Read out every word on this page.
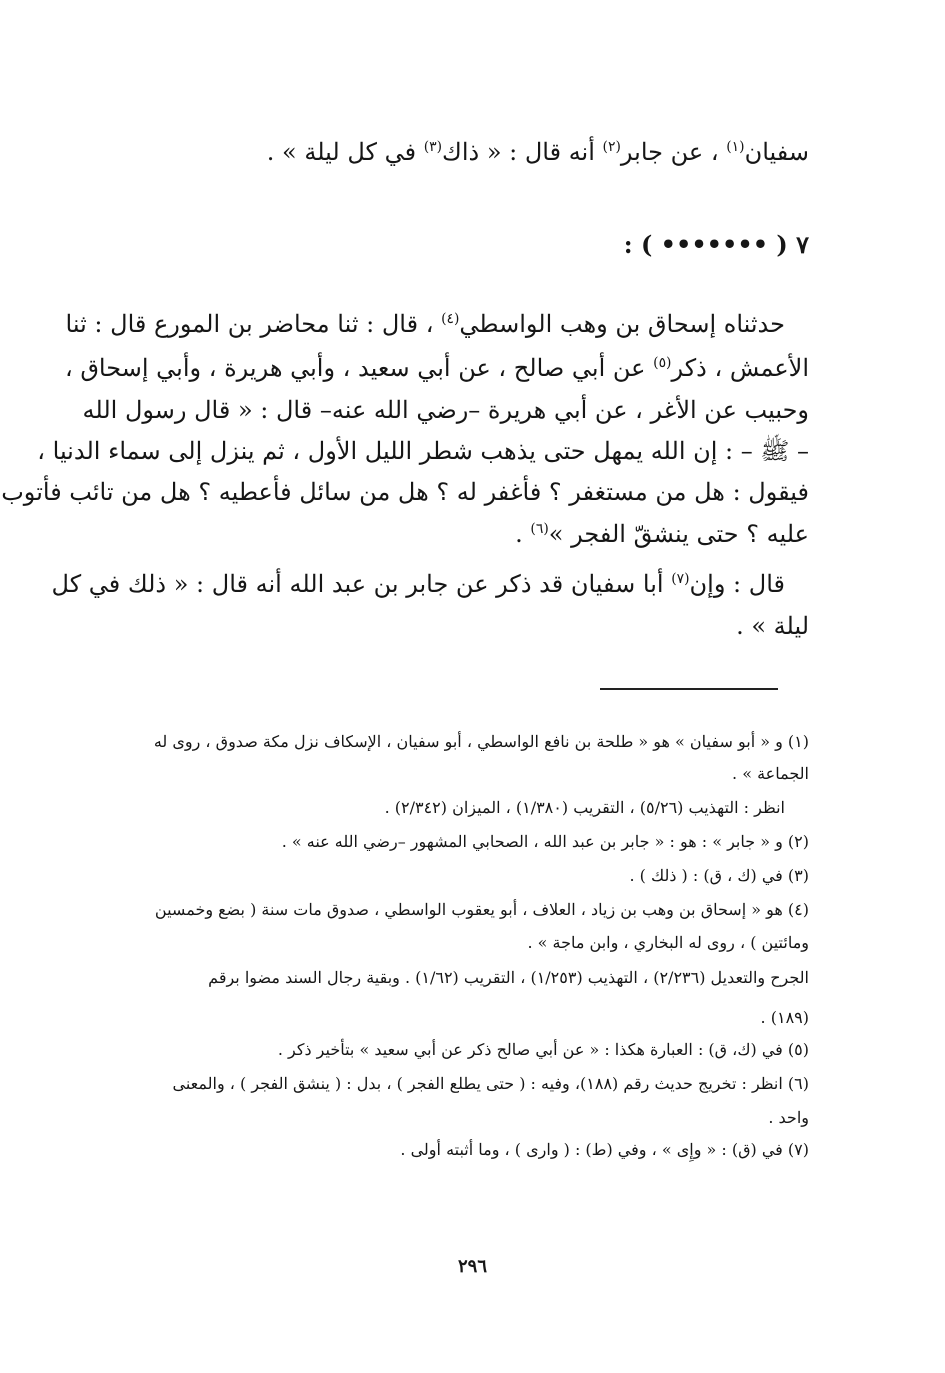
سفيان$^{(١)}$ ، عن جابر$^{(٢)}$ أنه قال : « ذاك$^{(٣)}$ في كل ليلة » .
٧ ( ••••••• ) :
حدثناه إسحاق بن وهب الواسطي$^{(٤)}$ ، قال : ثنا محاضر بن المورع قال : ثنا
الأعمش ، ذكر$^{(٥)}$ عن أبي صالح ، عن أبي سعيد ، وأبي هريرة ، وأبي إسحاق ،
وحبيب عن الأغر ، عن أبي هريرة –رضي الله عنه– قال : « قال رسول الله
– ﷺ – : إن الله يمهل حتى يذهب شطر الليل الأول ، ثم ينزل إلى سماء الدنيا ،
فيقول : هل من مستغفر ؟ فأغفر له ؟ هل من سائل فأعطيه ؟ هل من تائب فأتوب
عليه ؟ حتى ينشقّ الفجر »$^{(٦)}$ .
قال : وإن$^{(٧)}$ أبا سفيان قد ذكر عن جابر بن عبد الله أنه قال : « ذلك في كل
ليلة » .
(١) و « أبو سفيان » هو « طلحة بن نافع الواسطي ، أبو سفيان ، الإسكاف نزل مكة صدوق ، روى له
الجماعة » .
انظر : التهذيب (٥/٢٦) ، التقريب (١/٣٨٠) ، الميزان (٢/٣٤٢) .
(٢) و « جابر » : هو : « جابر بن عبد الله ، الصحابي المشهور –رضي الله عنه » .
(٣) في (ك ، ق) : ( ذلك ) .
(٤) هو « إسحاق بن وهب بن زياد ، العلاف ، أبو يعقوب الواسطي ، صدوق مات سنة ( بضع وخمسين
ومائتين ) ، روى له البخاري ، وابن ماجة » .
الجرح والتعديل (٢/٢٣٦) ، التهذيب (١/٢٥٣) ، التقريب (١/٦٢) . وبقية رجال السند مضوا برقم
(١٨٩) .
(٥) في (ك، ق) : العبارة هكذا : « عن أبي صالح ذكر عن أبي سعيد » بتأخير ذكر .
(٦) انظر : تخريج حديث رقم (١٨٨)، وفيه : ( حتى يطلع الفجر ) ، بدل : ( ينشق الفجر ) ، والمعنى
واحد .
(٧) في (ق) : « وإِى » ، وفي (ط) : ( وارى ) ، وما أثبته أولى .
٢٩٦
